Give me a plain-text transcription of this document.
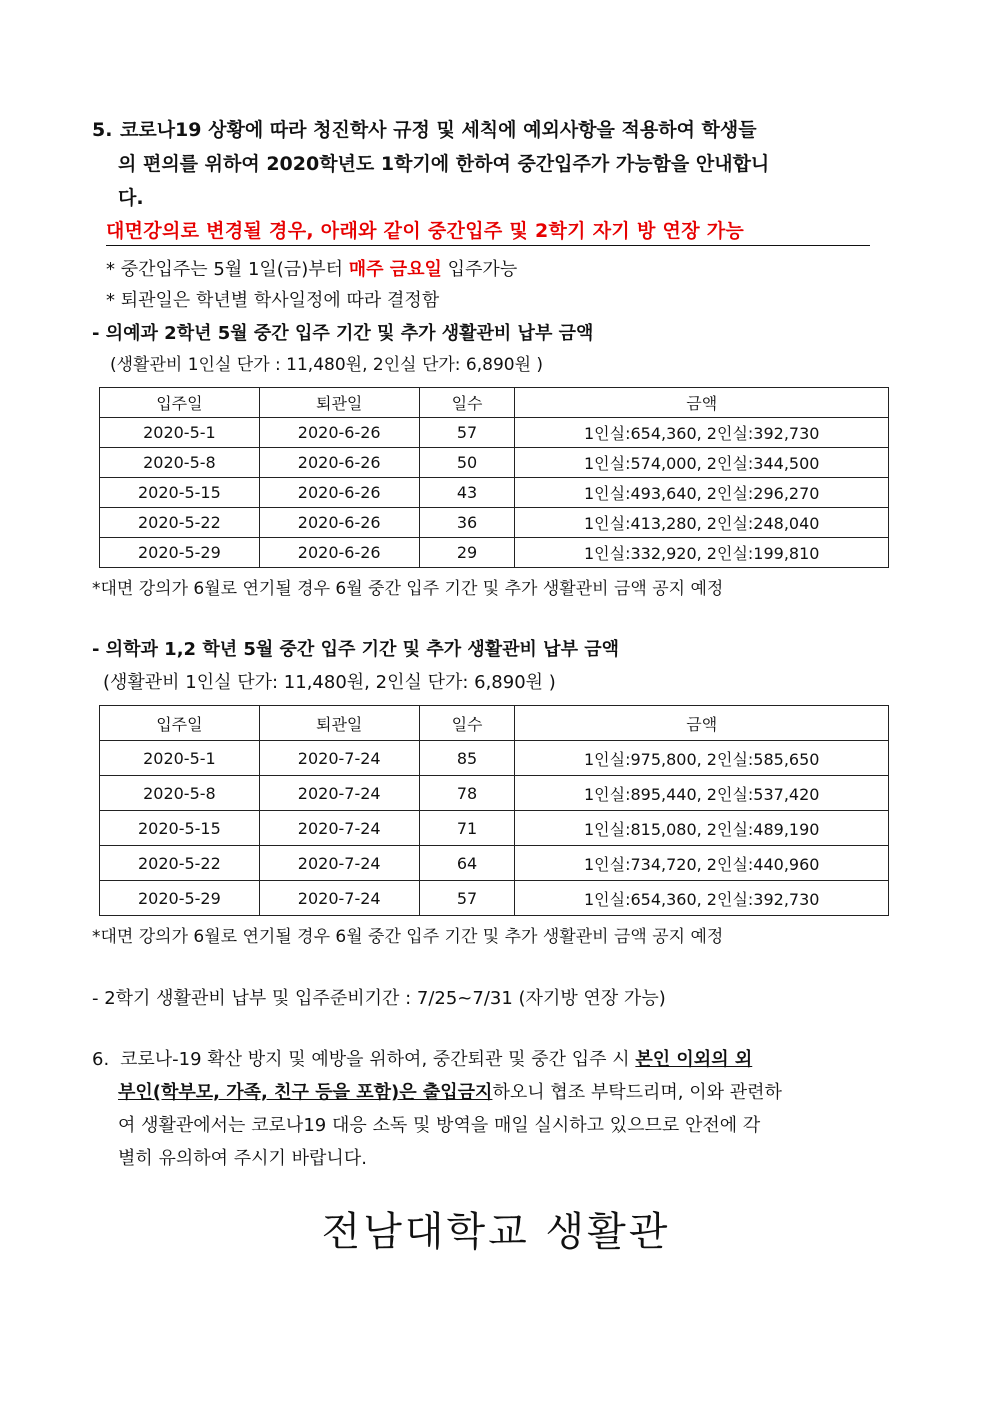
5. 코로나19 상황에 따라 청진학사 규정 및 세칙에 예외사항을 적용하여 학생들
의 편의를 위하여 2020학년도 1학기에 한하여 중간입주가 가능함을 안내합니
다.
대면강의로 변경될 경우, 아래와 같이 중간입주 및 2학기 자기 방 연장 가능
* 중간입주는 5월 1일(금)부터 매주 금요일 입주가능
* 퇴관일은 학년별 학사일정에 따라 결정함
- 의예과 2학년 5월 중간 입주 기간 및 추가 생활관비 납부 금액
(생활관비 1인실 단가 : 11,480원, 2인실 단가: 6,890원 )
입주일	퇴관일	일수	금액
2020-5-1	2020-6-26	57	1인실:654,360, 2인실:392,730
2020-5-8	2020-6-26	50	1인실:574,000, 2인실:344,500
2020-5-15	2020-6-26	43	1인실:493,640, 2인실:296,270
2020-5-22	2020-6-26	36	1인실:413,280, 2인실:248,040
2020-5-29	2020-6-26	29	1인실:332,920, 2인실:199,810
*대면 강의가 6월로 연기될 경우 6월 중간 입주 기간 및 추가 생활관비 금액 공지 예정
- 의학과 1,2 학년 5월 중간 입주 기간 및 추가 생활관비 납부 금액
(생활관비 1인실 단가: 11,480원, 2인실 단가: 6,890원 )
입주일	퇴관일	일수	금액
2020-5-1	2020-7-24	85	1인실:975,800, 2인실:585,650
2020-5-8	2020-7-24	78	1인실:895,440, 2인실:537,420
2020-5-15	2020-7-24	71	1인실:815,080, 2인실:489,190
2020-5-22	2020-7-24	64	1인실:734,720, 2인실:440,960
2020-5-29	2020-7-24	57	1인실:654,360, 2인실:392,730
*대면 강의가 6월로 연기될 경우 6월 중간 입주 기간 및 추가 생활관비 금액 공지 예정
- 2학기 생활관비 납부 및 입주준비기간 : 7/25~7/31 (자기방 연장 가능)
6. 코로나-19 확산 방지 및 예방을 위하여, 중간퇴관 및 중간 입주 시 본인 이외의 외
부인(학부모, 가족, 친구 등을 포함)은 출입금지하오니 협조 부탁드리며, 이와 관련하
여 생활관에서는 코로나19 대응 소독 및 방역을 매일 실시하고 있으므로 안전에 각
별히 유의하여 주시기 바랍니다.
전남대학교 생활관
